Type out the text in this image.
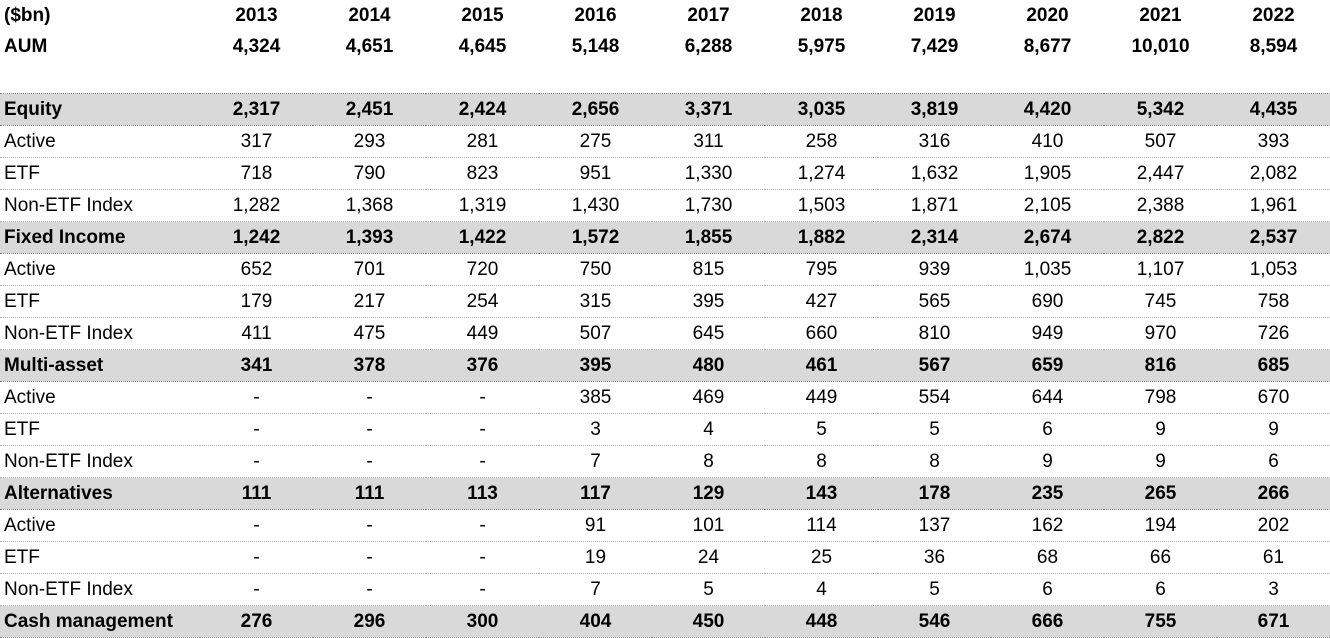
($bn)	2013	2014	2015	2016	2017	2018	2019	2020	2021	2022
AUM	4,324	4,651	4,645	5,148	6,288	5,975	7,429	8,677	10,010	8,594

Equity	2,317	2,451	2,424	2,656	3,371	3,035	3,819	4,420	5,342	4,435
Active	317	293	281	275	311	258	316	410	507	393
ETF	718	790	823	951	1,330	1,274	1,632	1,905	2,447	2,082
Non-ETF Index	1,282	1,368	1,319	1,430	1,730	1,503	1,871	2,105	2,388	1,961
Fixed Income	1,242	1,393	1,422	1,572	1,855	1,882	2,314	2,674	2,822	2,537
Active	652	701	720	750	815	795	939	1,035	1,107	1,053
ETF	179	217	254	315	395	427	565	690	745	758
Non-ETF Index	411	475	449	507	645	660	810	949	970	726
Multi-asset	341	378	376	395	480	461	567	659	816	685
Active	-	-	-	385	469	449	554	644	798	670
ETF	-	-	-	3	4	5	5	6	9	9
Non-ETF Index	-	-	-	7	8	8	8	9	9	6
Alternatives	111	111	113	117	129	143	178	235	265	266
Active	-	-	-	91	101	114	137	162	194	202
ETF	-	-	-	19	24	25	36	68	66	61
Non-ETF Index	-	-	-	7	5	4	5	6	6	3
Cash management	276	296	300	404	450	448	546	666	755	671
